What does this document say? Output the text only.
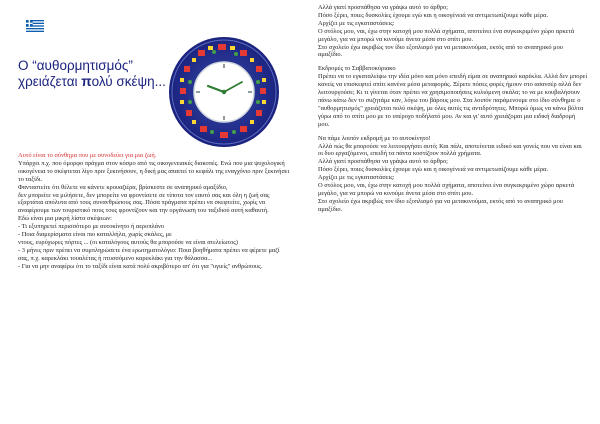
Ο “αυθορμητισμός” χρειάζεται πολύ σκέψη...

Αυτό είναι το σύνθημα που με συνοδεύει για μια ζωή.

Υπάρχει π.χ. που όμορφο πράγμα στον κόσμο από τις οικογενειακές διακοπές. Ενώ που μια ψυχολογική οικογένεια το σκέφτεται λίγο πριν ξεκινήσουν, η δική μας απαιτεί το κεφάλι της εναγχόνιο πριν ξεκινήσει το ταξίδι.

Φανταστείτε ότι θέλετε να κάνετε κρουαζιέρα, βρίσκεστε σε αναπηρικό αμαξίδιο,

δεν μπορείτε να μιλήσετε, δεν μπορείτε να φροντίσετε σε τίποτα τον εαυτό σας και όλη η ζωή σας εξαρτάται απόλυτα από τους συνανθρώπους σας. Πόσα πράγματα πρέπει να σκεφτείτε, χωρίς να αναφέρουμε των τουριστικό πους τους φροντίζουν και την οργάνωση του ταξιδιού αυτή καθαυτή.

Εδώ είναι μια μικρή λίστα σκέψεων:

- Τι εξυπηρετεί περισσότερο με αυτοκίνητο ή αεροπλάνο

- Ποια διαμερίσματα είναι πιο καταλλήλα, χωρίς σκάλες, με

ντους, ευρύχωρες πόρτες ... (οι καταλόγους αυτούς θα μπορούσε να είναι ατελείωτος)

- 3 μήνες πριν πρέπει να συμπληρώσετε ένα ερωτηματολόγιο: Ποια βοηθήματα πρέπει να φέρετε μαζί σας, π.χ. καρεκλάκι τουαλέτας ή πτυσσόμενο καρεκλάκι για την θάλασσα...

- Για να μην αναφέρω ότι το ταξίδι είναι κατά πολύ ακριβότερο απ' ότι για "υγιείς" ανθρώπους.

Αλλά γιατί προσπάθησα να γράψω αυτό το άρθρο;

Πόσο ξέρει, ποιες δυσκολίες έχουμε εγώ και η οικογένειά να αντιμετωπίζουμε κάθε μέρα.

Αρχίζει με τις εγκαταστάσεις:

Ο στόλος μου, ναι, έχω στην κατοχή μου πολλά σχήματα, αποτείνει ένα συγκεκριμένο χώρο αρκετά μεγάλο, για να μπορώ να κινούμε άνετα μέσα στο σπίτι μου.

Στο σχολείο έχω ακριβώς τον ίδιο εξοπλισμό για να μετακινούμαι, εκτός από το αναπηρικό μου αμαξίδιο.

Εκδρομές το Σαββατοκύριακο

Πρέπει να το εγκαταλείψω την ιδέα μόνο και μόνο επειδή είμαι σε αναπηρικό καρέκλα. Αλλά δεν μπορεί κανείς να επισκεφτεί σπίτι κανένα μέσα μεταφοράς. Ξέρετε πόσες φορές ήμουν στο ασανσέρ αλλά δεν λειτουργούσε; Κι τι γίνεται όταν πρέπει να χρησιμοποιήσεις κυλιόμενη σκάλα; το να με κουβαλήσουν πάνω κάτω δεν το συζητάμε καν, λόγω του βάρους μου. Στα λοιπόν παράμενουμε στο ίδιο σύνθημα: ο "αυθορμητισμός" χρειάζεται πολύ σκέψη, με όλες αυτές τις αντιδρότητες. Μπορώ όμως να κάνω βόλτα γύρω από το σπίτι μου με το υπέροχο ποδήλατό μου. Αν και γι' αυτό χρειάζομαι μια ειδική διαδρομή μου.

Να πάμε λοιπόν εκδρομή με το αυτοκίνητο!

Αλλά πώς θα μπορούσε να λειτουργήσει αυτό; Και πάλι, αποτείνεται ειδικό και γονείς που να είναι και οι δυο εργαζόμενοι, επειδή τα πάντα κοστίζουν πολλά χρήματα.

Αλλά γιατί προσπάθησα να γράψω αυτό το άρθρο;

Πόσο ξέρει, ποιες δυσκολίες έχουμε εγώ και η οικογένειά να αντιμετωπίζουμε κάθε μέρα.

Αρχίζει με τις εγκαταστάσεις:

Ο στόλος μου, ναι, έχω στην κατοχή μου πολλά σχήματα, αποτείνει ένα συγκεκριμένο χώρο αρκετά μεγάλο, για να μπορώ να κινούμε άνετα μέσα στο σπίτι μου.

Στο σχολείο έχω ακριβώς τον ίδιο εξοπλισμό για να μετακινούμαι, εκτός από το αναπηρικό μου αμαξίδιο.
